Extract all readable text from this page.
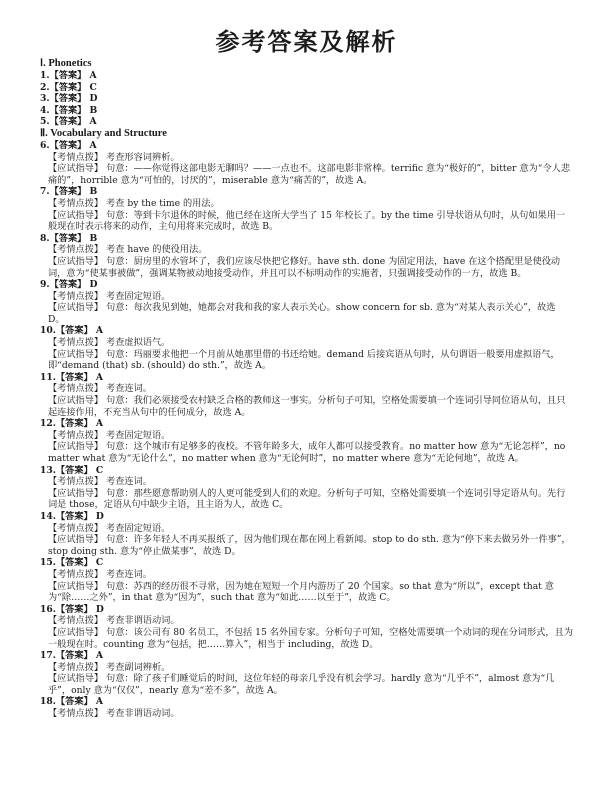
参考答案及解析
Ⅰ. Phonetics
1.【答案】 A
2.【答案】 C
3.【答案】 D
4.【答案】 B
5.【答案】 A
Ⅱ. Vocabulary and Structure
6.【答案】 A
【考情点拨】 考查形容词辨析。
【应试指导】 句意：——你觉得这部电影无聊吗？——一点也不。这部电影非常棒。terrific 意为“极好的”，bitter 意为“令人悲痛的”，horrible 意为“可怕的，讨厌的”，miserable 意为“痛苦的”，故选 A。
7.【答案】 B
【考情点拨】 考查 by the time 的用法。
【应试指导】 句意：等到卡尔退休的时候，他已经在这所大学当了 15 年校长了。by the time 引导状语从句时，从句如果用一般现在时表示将来的动作，主句用将来完成时，故选 B。
8.【答案】 B
【考情点拨】 考查 have 的使役用法。
【应试指导】 句意：厨房里的水管坏了，我们应该尽快把它修好。have sth. done 为固定用法，have 在这个搭配里是使役动词，意为“使某事被做”，强调某物被动地接受动作，并且可以不标明动作的实施者，只强调接受动作的一方，故选 B。
9.【答案】 D
【考情点拨】 考查固定短语。
【应试指导】 句意：每次我见到她，她都会对我和我的家人表示关心。show concern for sb. 意为“对某人表示关心”，故选 D。
10.【答案】 A
【考情点拨】 考查虚拟语气。
【应试指导】 句意：玛丽要求他把一个月前从她那里借的书还给她。demand 后接宾语从句时，从句谓语一般要用虚拟语气，即“demand (that) sb. (should) do sth.”，故选 A。
11.【答案】 A
【考情点拨】 考查连词。
【应试指导】 句意：我们必须接受农村缺乏合格的教师这一事实。分析句子可知，空格处需要填一个连词引导同位语从句，且只起连接作用，不充当从句中的任何成分，故选 A。
12.【答案】 A
【考情点拨】 考查固定短语。
【应试指导】 句意：这个城市有足够多的夜校。不管年龄多大，成年人都可以接受教育。no matter how 意为“无论怎样”，no matter what 意为“无论什么”，no matter when 意为“无论何时”，no matter where 意为“无论何地”，故选 A。
13.【答案】 C
【考情点拨】 考查连词。
【应试指导】 句意：那些愿意帮助别人的人更可能受到人们的欢迎。分析句子可知，空格处需要填一个连词引导定语从句。先行词是 those，定语从句中缺少主语，且主语为人，故选 C。
14.【答案】 D
【考情点拨】 考查固定短语。
【应试指导】 句意：许多年轻人不再买报纸了，因为他们现在都在网上看新闻。stop to do sth. 意为“停下来去做另外一件事”，stop doing sth. 意为“停止做某事”，故选 D。
15.【答案】 C
【考情点拨】 考查连词。
【应试指导】 句意：苏西的经历很不寻常，因为她在短短一个月内游历了 20 个国家。so that 意为“所以”，except that 意为“除……之外”，in that 意为“因为”，such that 意为“如此……以至于”，故选 C。
16.【答案】 D
【考情点拨】 考查非谓语动词。
【应试指导】 句意：该公司有 80 名员工，不包括 15 名外国专家。分析句子可知，空格处需要填一个动词的现在分词形式，且为一般现在时。counting 意为“包括，把……算入”，相当于 including，故选 D。
17.【答案】 A
【考情点拨】 考查副词辨析。
【应试指导】 句意：除了孩子们睡觉后的时间，这位年轻的母亲几乎没有机会学习。hardly 意为“几乎不”，almost 意为“几乎”，only 意为“仅仅”，nearly 意为“差不多”，故选 A。
18.【答案】 A
【考情点拨】 考查非谓语动词。
